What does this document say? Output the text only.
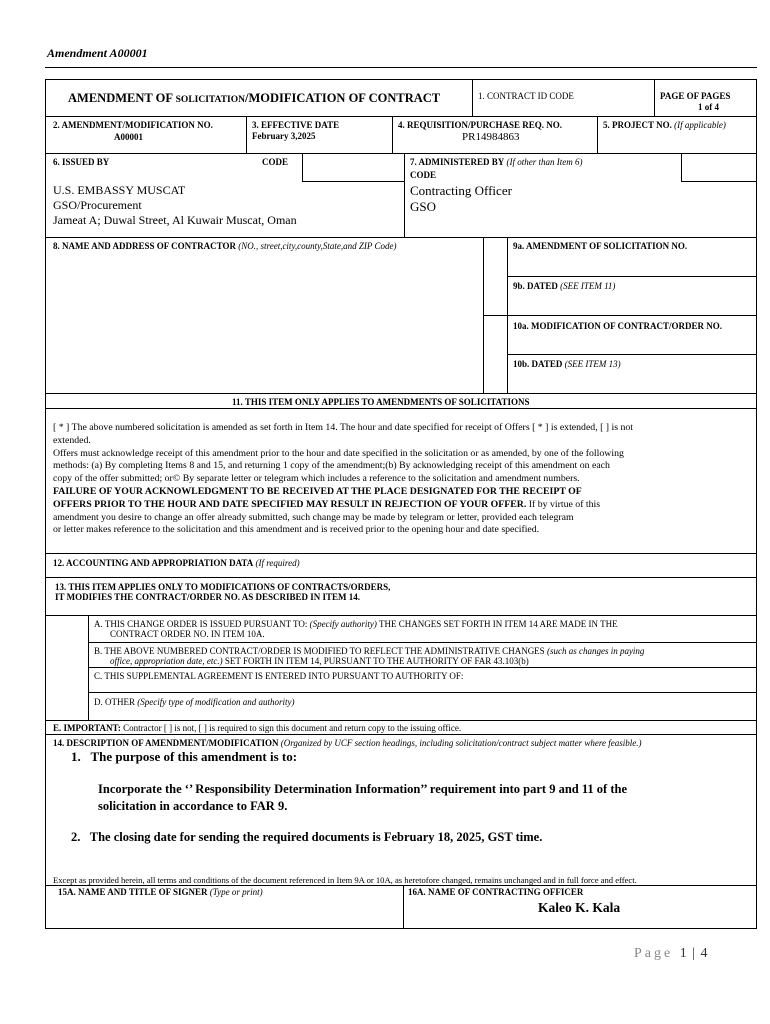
Amendment A00001
AMENDMENT OF SOLICITATION/MODIFICATION OF CONTRACT	1. CONTRACT ID CODE	PAGE OF PAGES
1 of 4
2. AMENDMENT/MODIFICATION NO.
A00001
3. EFFECTIVE DATE
February 3,2025
4. REQUISITION/PURCHASE REQ. NO.
PR14984863
5. PROJECT NO. (If applicable)
6. ISSUED BY	CODE
U.S. EMBASSY MUSCAT
GSO/Procurement
Jameat A; Duwal Street, Al Kuwair Muscat, Oman
7. ADMINISTERED BY (If other than Item 6)
CODE
Contracting Officer
GSO
8. NAME AND ADDRESS OF CONTRACTOR (NO., street,city,county,State,and ZIP Code)	9a. AMENDMENT OF SOLICITATION NO.
9b. DATED (SEE ITEM 11)
10a. MODIFICATION OF CONTRACT/ORDER NO.
10b. DATED (SEE ITEM 13)
11. THIS ITEM ONLY APPLIES TO AMENDMENTS OF SOLICITATIONS
[ * ] The above numbered solicitation is amended as set forth in Item 14. The hour and date specified for receipt of Offers [ * ] is extended, [ ] is not
extended.
Offers must acknowledge receipt of this amendment prior to the hour and date specified in the solicitation or as amended, by one of the following
methods: (a) By completing Items 8 and 15, and returning 1 copy of the amendment;(b) By acknowledging receipt of this amendment on each
copy of the offer submitted; or© By separate letter or telegram which includes a reference to the solicitation and amendment numbers.
FAILURE OF YOUR ACKNOWLEDGMENT TO BE RECEIVED AT THE PLACE DESIGNATED FOR THE RECEIPT OF
OFFERS PRIOR TO THE HOUR AND DATE SPECIFIED MAY RESULT IN REJECTION OF YOUR OFFER. If by virtue of this
amendment you desire to change an offer already submitted, such change may be made by telegram or letter, provided each telegram
or letter makes reference to the solicitation and this amendment and is received prior to the opening hour and date specified.
12. ACCOUNTING AND APPROPRIATION DATA (If required)
13. THIS ITEM APPLIES ONLY TO MODIFICATIONS OF CONTRACTS/ORDERS,
IT MODIFIES THE CONTRACT/ORDER NO. AS DESCRIBED IN ITEM 14.
A. THIS CHANGE ORDER IS ISSUED PURSUANT TO: (Specify authority) THE CHANGES SET FORTH IN ITEM 14 ARE MADE IN THE
CONTRACT ORDER NO. IN ITEM 10A.
B. THE ABOVE NUMBERED CONTRACT/ORDER IS MODIFIED TO REFLECT THE ADMINISTRATIVE CHANGES (such as changes in paying
office, appropriation date, etc.) SET FORTH IN ITEM 14, PURSUANT TO THE AUTHORITY OF FAR 43.103(b)
C. THIS SUPPLEMENTAL AGREEMENT IS ENTERED INTO PURSUANT TO AUTHORITY OF:
D. OTHER (Specify type of modification and authority)
E. IMPORTANT: Contractor [ ] is not, [ ] is required to sign this document and return copy to the issuing office.
14. DESCRIPTION OF AMENDMENT/MODIFICATION (Organized by UCF section headings, including solicitation/contract subject matter where feasible.)
1. The purpose of this amendment is to:
Incorporate the ‘’ Responsibility Determination Information’’ requirement into part 9 and 11 of the
solicitation in accordance to FAR 9.
2. The closing date for sending the required documents is February 18, 2025, GST time.
Except as provided herein, all terms and conditions of the document referenced in Item 9A or 10A, as heretofore changed, remains unchanged and in full force and effect.
15A. NAME AND TITLE OF SIGNER (Type or print)	16A. NAME OF CONTRACTING OFFICER
Kaleo K. Kala
Page 1 | 4
